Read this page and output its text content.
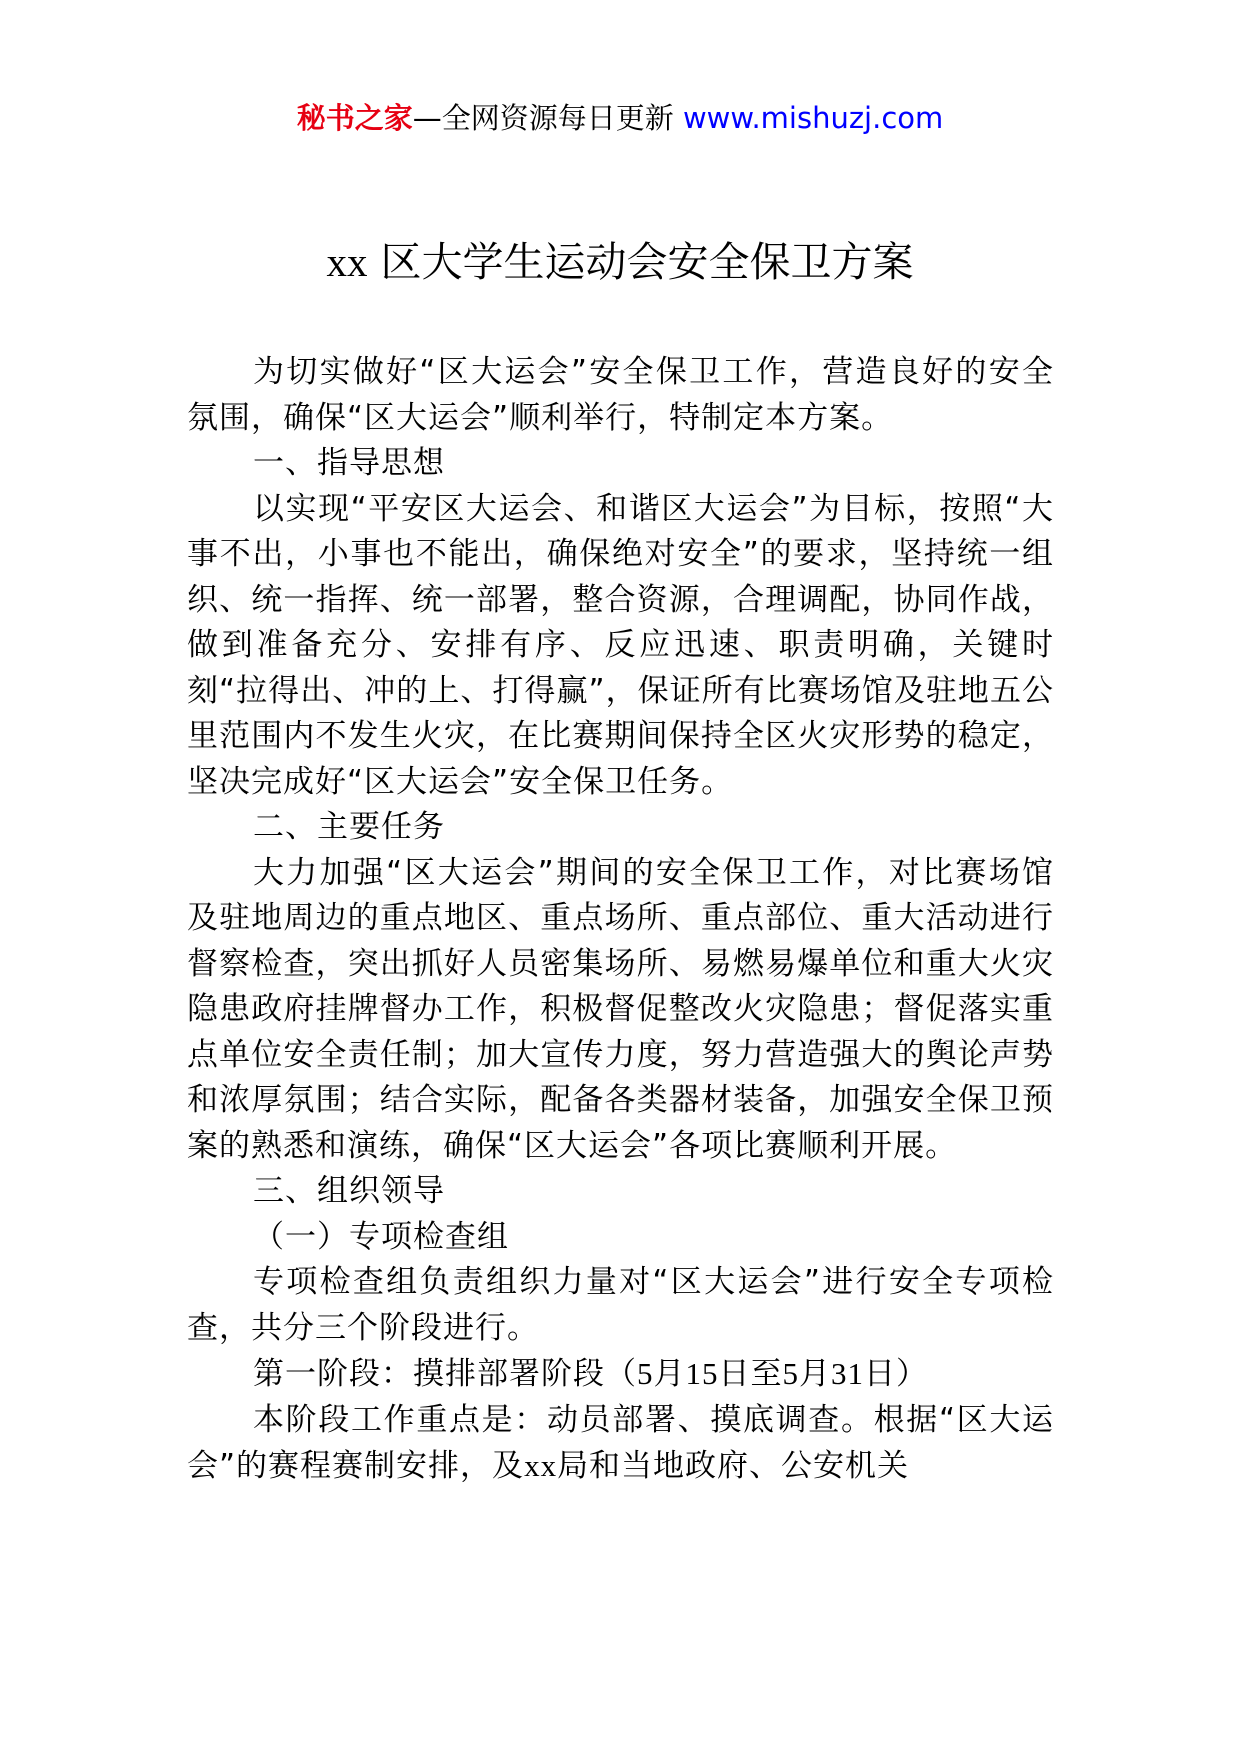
秘书之家—全网资源每日更新 www.mishuzj.com
xx 区大学生运动会安全保卫方案

为切实做好“区大运会”安全保卫工作，营造良好的安全氛围，确保“区大运会”顺利举行，特制定本方案。

一、指导思想

以实现“平安区大运会、和谐区大运会”为目标，按照“大事不出，小事也不能出，确保绝对安全”的要求，坚持统一组织、统一指挥、统一部署，整合资源，合理调配，协同作战，做到准备充分、安排有序、反应迅速、职责明确，关键时刻“拉得出、冲的上、打得赢”，保证所有比赛场馆及驻地五公里范围内不发生火灾，在比赛期间保持全区火灾形势的稳定，坚决完成好“区大运会”安全保卫任务。

二、主要任务

大力加强“区大运会”期间的安全保卫工作，对比赛场馆及驻地周边的重点地区、重点场所、重点部位、重大活动进行督察检查，突出抓好人员密集场所、易燃易爆单位和重大火灾隐患政府挂牌督办工作，积极督促整改火灾隐患；督促落实重点单位安全责任制；加大宣传力度，努力营造强大的舆论声势和浓厚氛围；结合实际，配备各类器材装备，加强安全保卫预案的熟悉和演练，确保“区大运会”各项比赛顺利开展。

三、组织领导

（一）专项检查组

专项检查组负责组织力量对“区大运会”进行安全专项检查，共分三个阶段进行。

第一阶段：摸排部署阶段（5月15日至5月31日）

本阶段工作重点是：动员部署、摸底调查。根据“区大运会”的赛程赛制安排，及xx局和当地政府、公安机关
